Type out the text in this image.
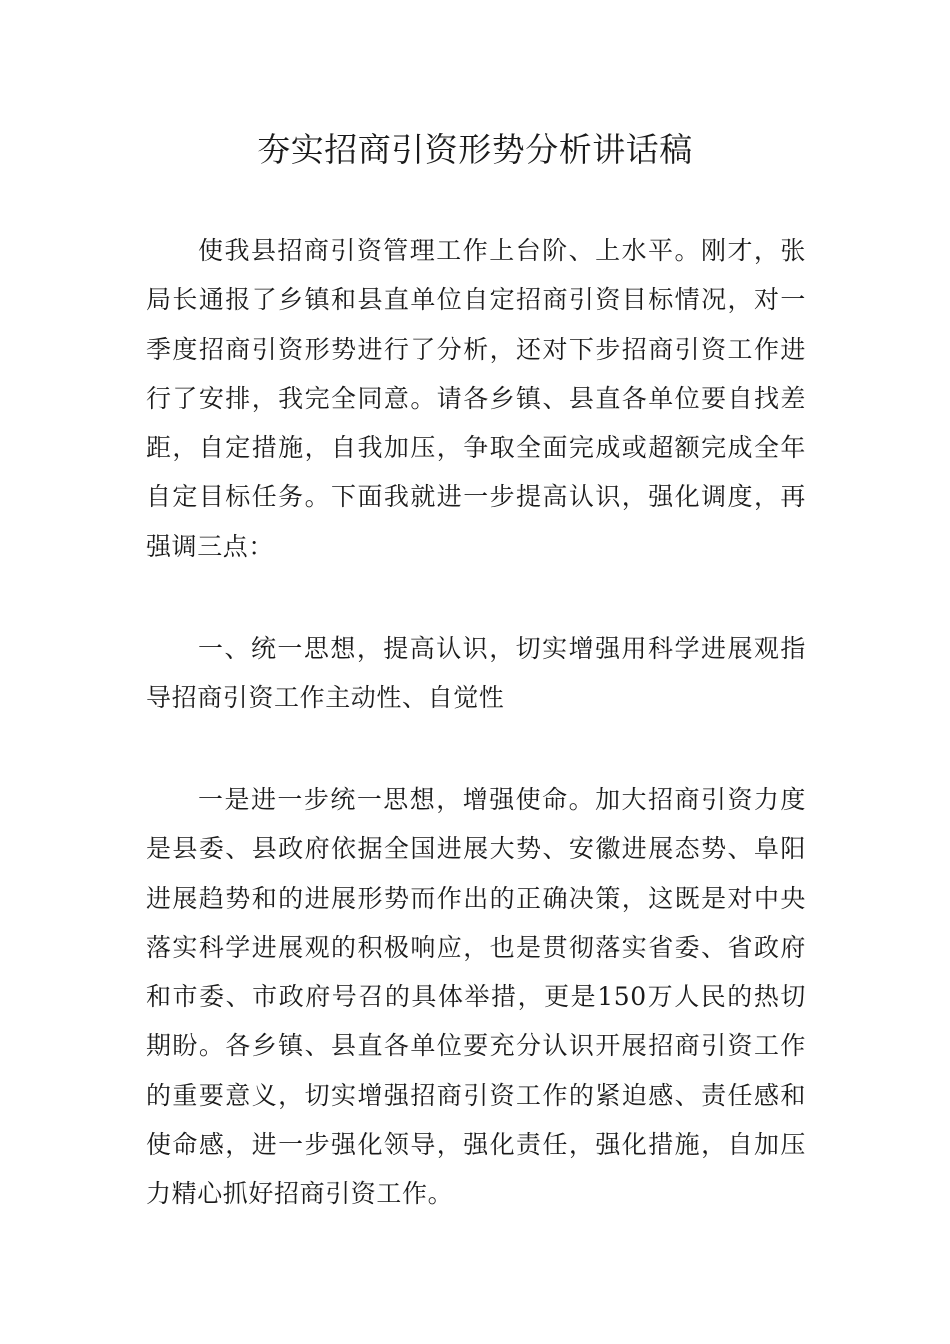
夯实招商引资形势分析讲话稿

使我县招商引资管理工作上台阶、上水平。刚才，张局长通报了乡镇和县直单位自定招商引资目标情况，对一季度招商引资形势进行了分析，还对下步招商引资工作进行了安排，我完全同意。请各乡镇、县直各单位要自找差距，自定措施，自我加压，争取全面完成或超额完成全年自定目标任务。下面我就进一步提高认识，强化调度，再强调三点：

一、统一思想，提高认识，切实增强用科学进展观指导招商引资工作主动性、自觉性

一是进一步统一思想，增强使命。加大招商引资力度是县委、县政府依据全国进展大势、安徽进展态势、阜阳进展趋势和的进展形势而作出的正确决策，这既是对中央落实科学进展观的积极响应，也是贯彻落实省委、省政府和市委、市政府号召的具体举措，更是150万人民的热切期盼。各乡镇、县直各单位要充分认识开展招商引资工作的重要意义，切实增强招商引资工作的紧迫感、责任感和使命感，进一步强化领导，强化责任，强化措施，自加压力精心抓好招商引资工作。
